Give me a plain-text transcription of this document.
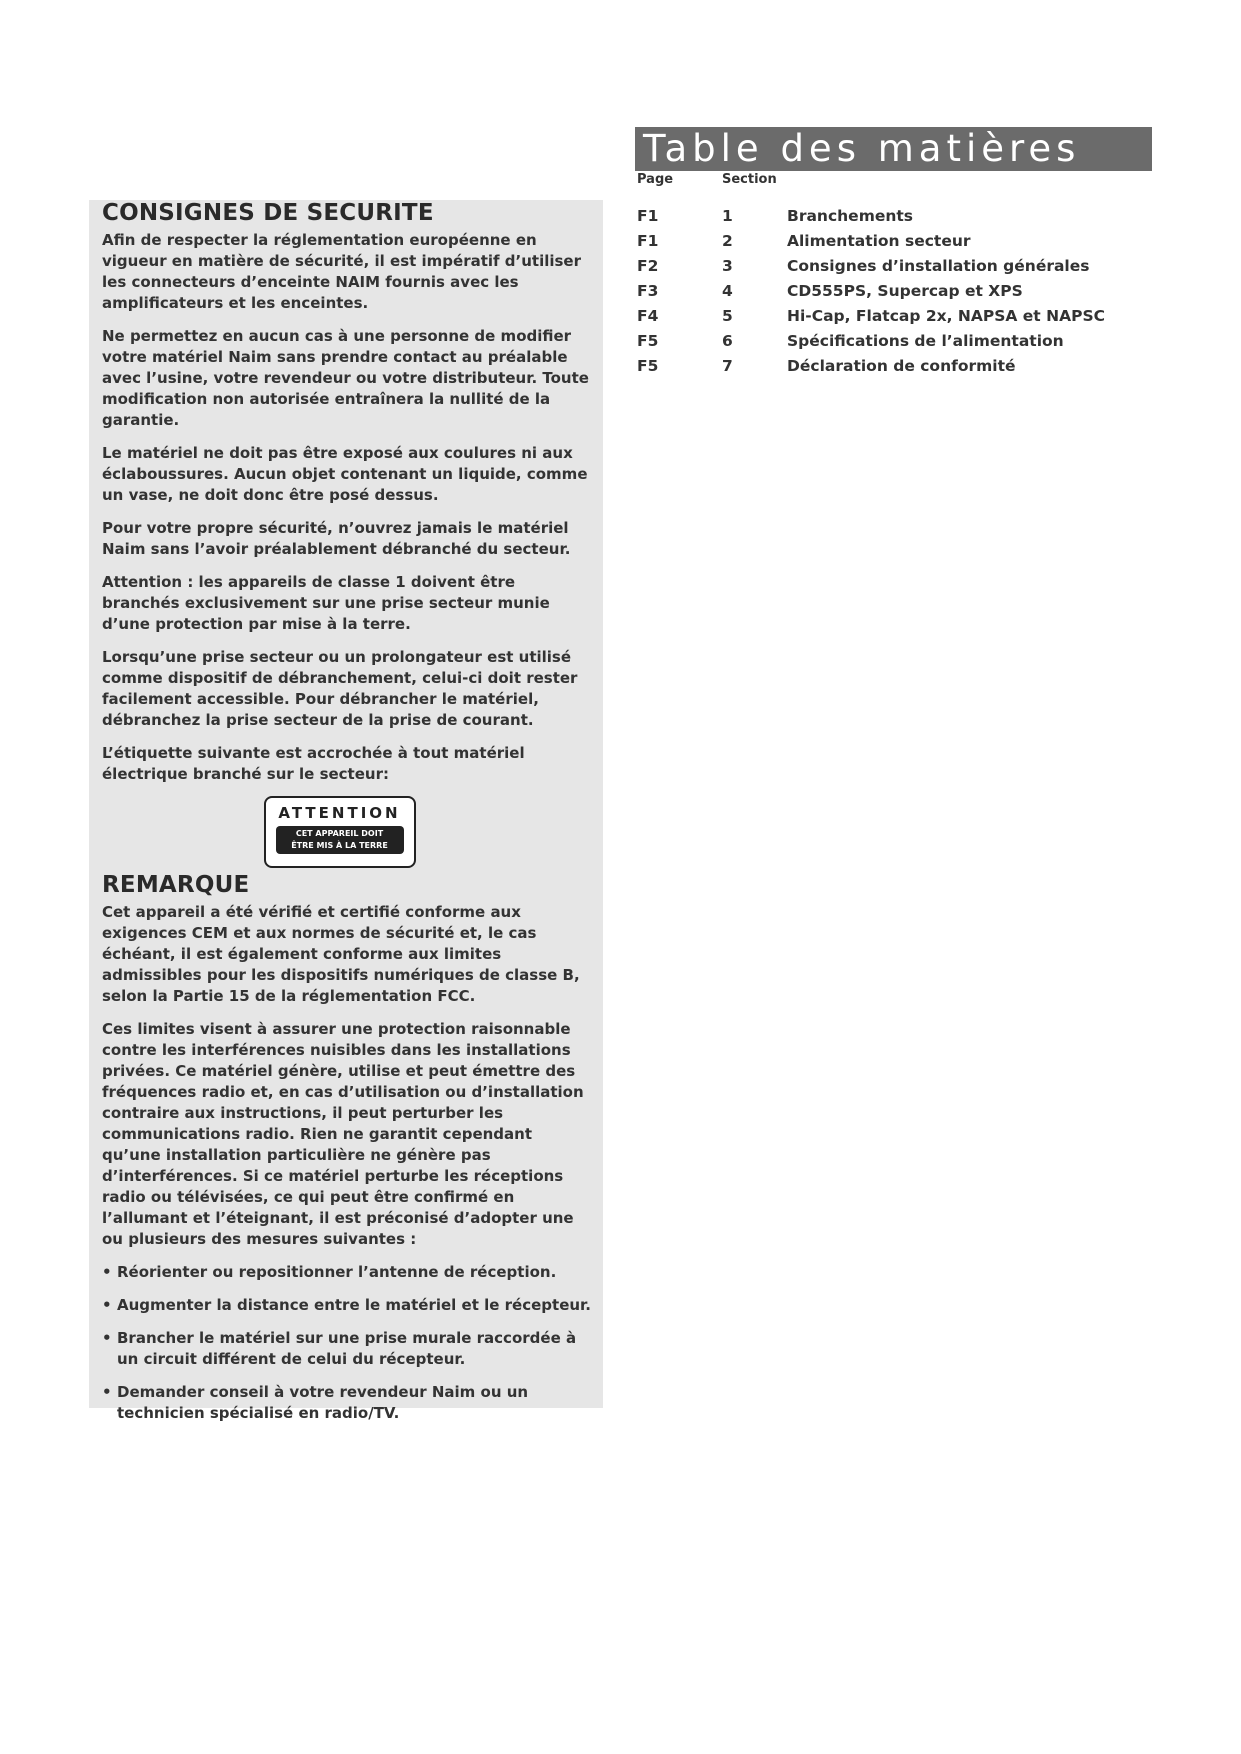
Table des matières
Page	Section
F1	1	Branchements
F1	2	Alimentation secteur
F2	3	Consignes d’installation générales
F3	4	CD555PS, Supercap et XPS
F4	5	Hi-Cap, Flatcap 2x, NAPSA et NAPSC
F5	6	Spécifications de l’alimentation
F5	7	Déclaration de conformité
CONSIGNES DE SECURITE

Afin de respecter la réglementation européenne en vigueur en matière de sécurité, il est impératif d’utiliser les connecteurs d’enceinte NAIM fournis avec les amplificateurs et les enceintes.

Ne permettez en aucun cas à une personne de modifier votre matériel Naim sans prendre contact au préalable avec l’usine, votre revendeur ou votre distributeur. Toute modification non autorisée entraînera la nullité de la garantie.

Le matériel ne doit pas être exposé aux coulures ni aux éclaboussures. Aucun objet contenant un liquide, comme un vase, ne doit donc être posé dessus.

Pour votre propre sécurité, n’ouvrez jamais le matériel Naim sans l’avoir préalablement débranché du secteur.

Attention : les appareils de classe 1 doivent être branchés exclusivement sur une prise secteur munie d’une protection par mise à la terre.

Lorsqu’une prise secteur ou un prolongateur est utilisé comme dispositif de débranchement, celui-ci doit rester facilement accessible. Pour débrancher le matériel, débranchez la prise secteur de la prise de courant.

L’étiquette suivante est accrochée à tout matériel électrique branché sur le secteur:

ATTENTION
CET APPAREIL DOIT
ÊTRE MIS À LA TERRE
REMARQUE

Cet appareil a été vérifié et certifié conforme aux exigences CEM et aux normes de sécurité et, le cas échéant, il est également conforme aux limites admissibles pour les dispositifs numériques de classe B, selon la Partie 15 de la réglementation FCC.

Ces limites visent à assurer une protection raisonnable contre les interférences nuisibles dans les installations privées. Ce matériel génère, utilise et peut émettre des fréquences radio et, en cas d’utilisation ou d’installation contraire aux instructions, il peut perturber les communications radio. Rien ne garantit cependant qu’une installation particulière ne génère pas d’interférences. Si ce matériel perturbe les réceptions radio ou télévisées, ce qui peut être confirmé en l’allumant et l’éteignant, il est préconisé d’adopter une ou plusieurs des mesures suivantes :

• Réorienter ou repositionner l’antenne de réception.
• Augmenter la distance entre le matériel et le récepteur.
• Brancher le matériel sur une prise murale raccordée à un circuit différent de celui du récepteur.
• Demander conseil à votre revendeur Naim ou un technicien spécialisé en radio/TV.
